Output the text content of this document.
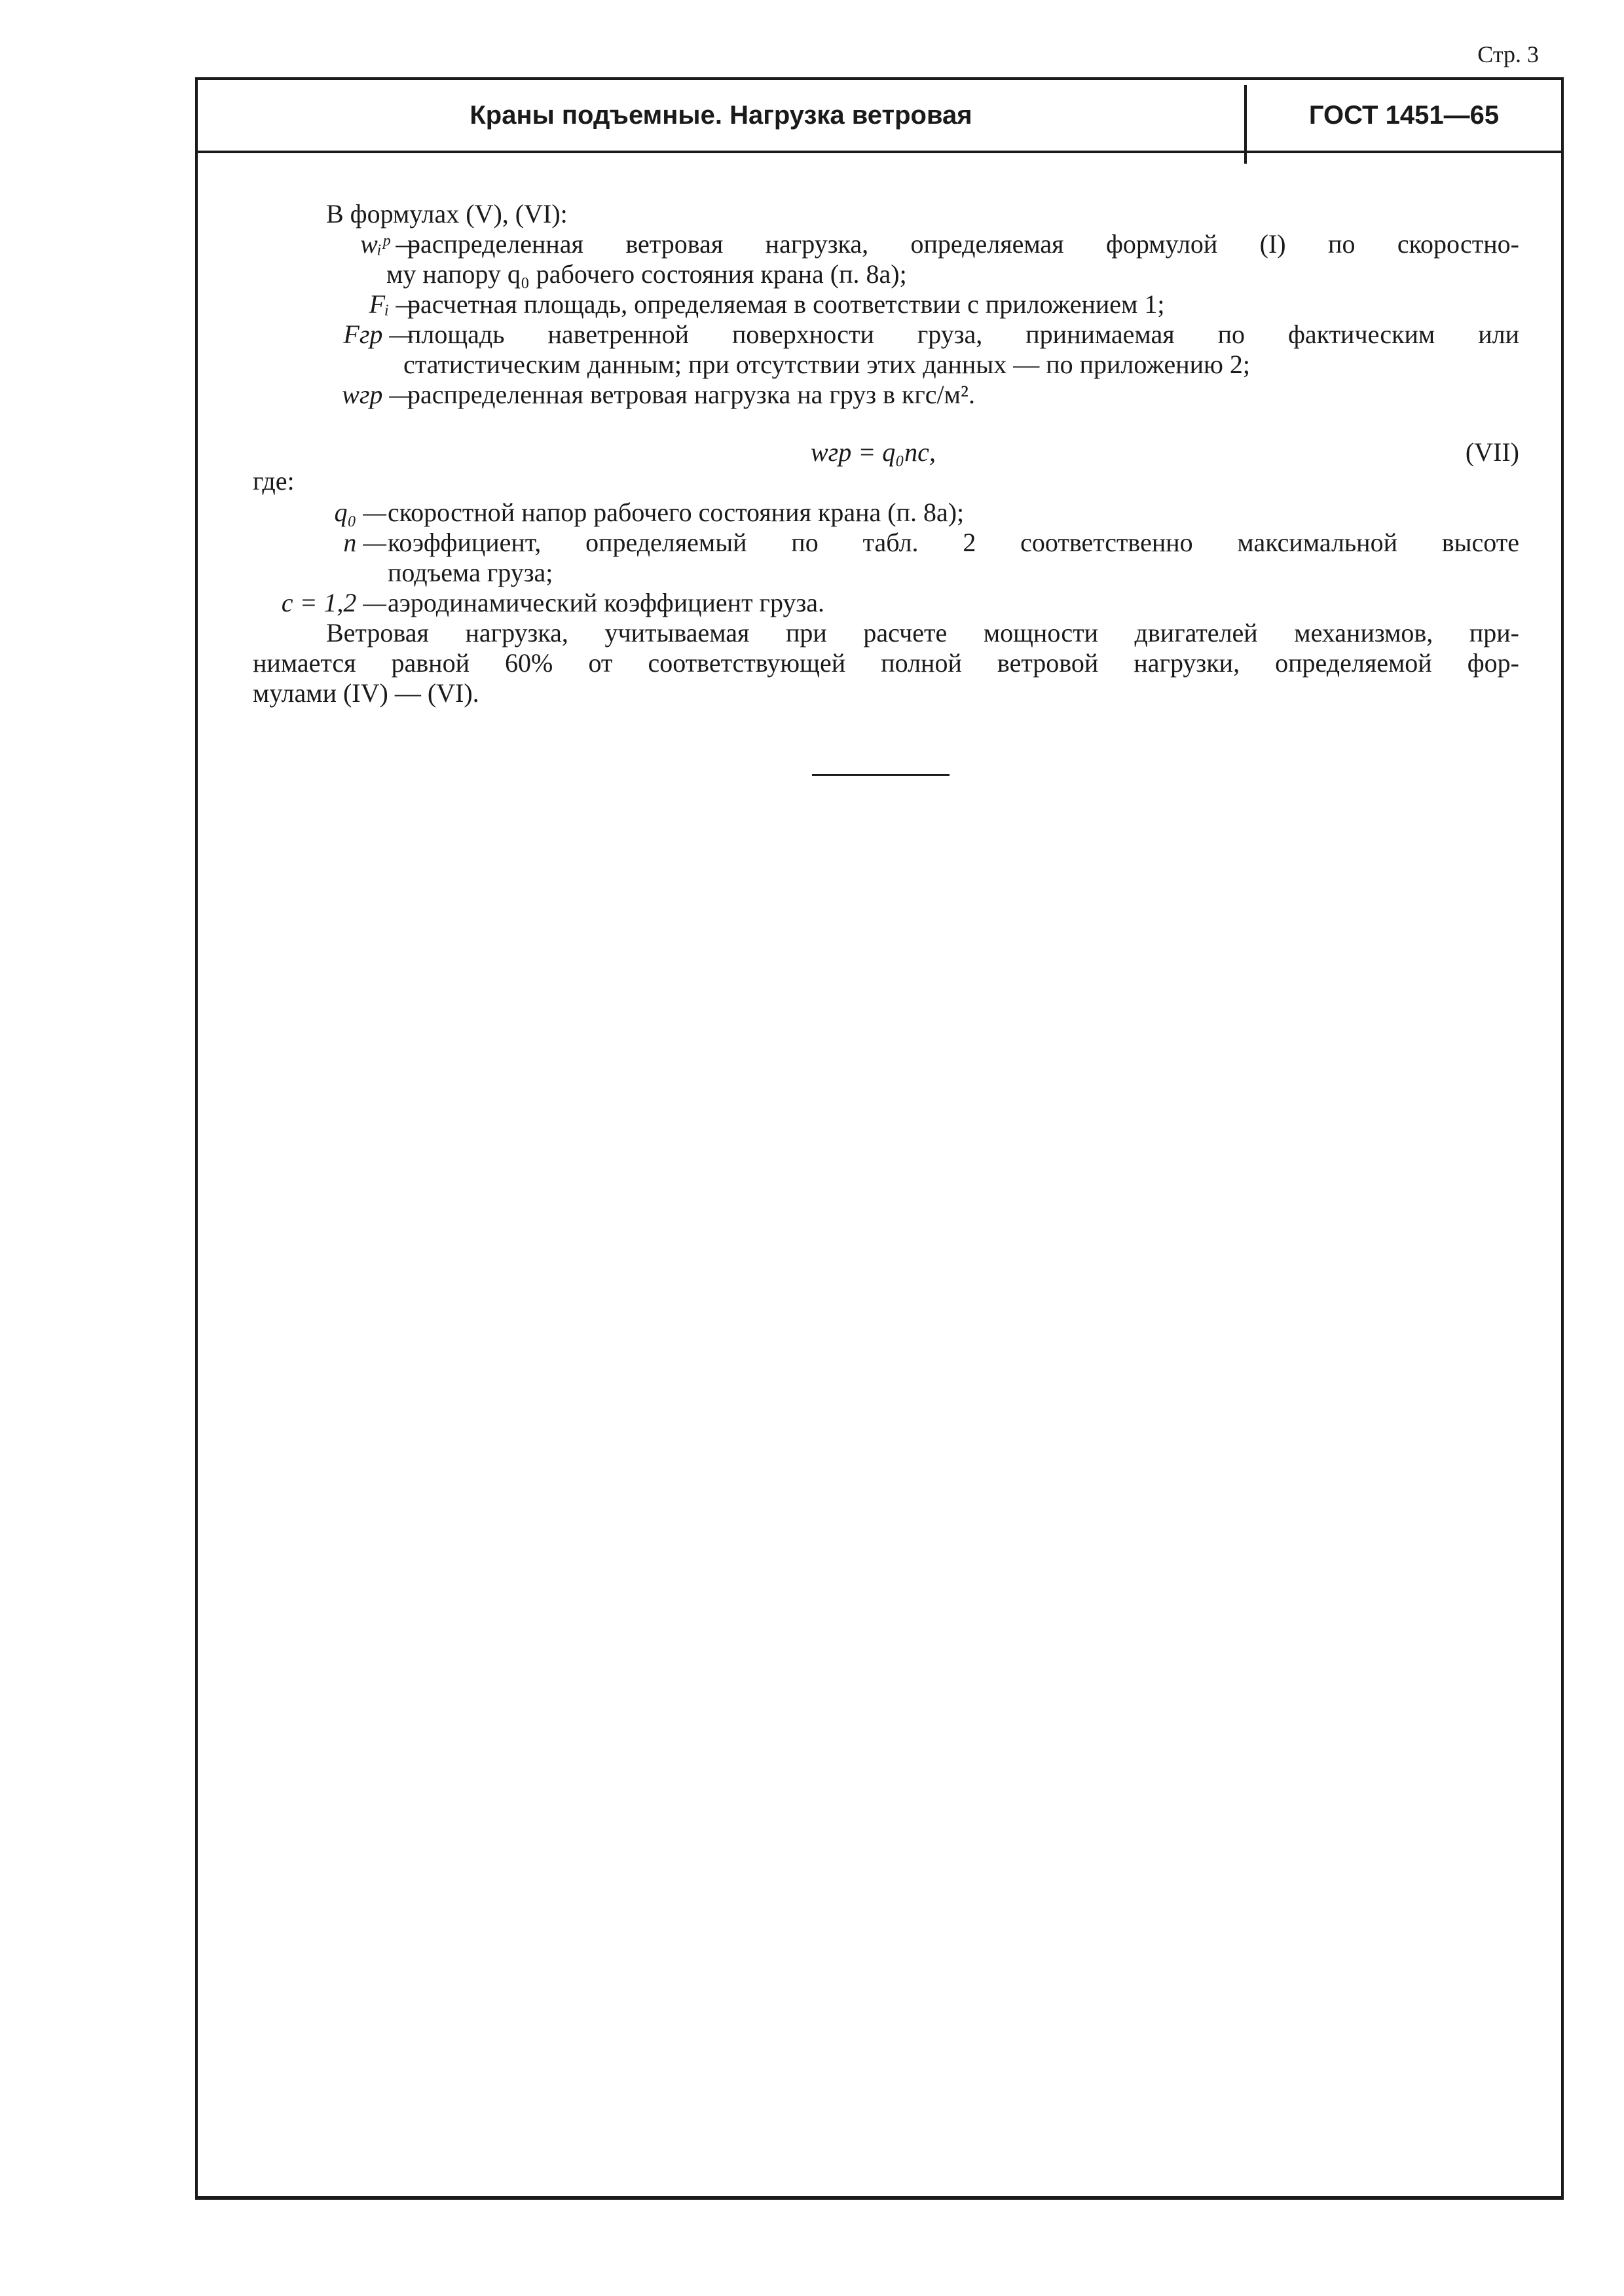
Стр. 3
Краны подъемные. Нагрузка ветровая	ГОСТ 1451—65
В формулах (V), (VI):
wᵢᵖ —
распределенная ветровая нагрузка, определяемая формулой (I) по скоростно-
му напору q₀ рабочего состояния крана (п. 8а);
Fᵢ —
расчетная площадь, определяемая в соответствии с приложением 1;
Fгр —
площадь наветренной поверхности груза, принимаемая по фактическим или
статистическим данным; при отсутствии этих данных — по приложению 2;
wгр —
распределенная ветровая нагрузка на груз в кгс/м².
wгр = q₀nc,	(VII)
где:
q₀ — скоростной напор рабочего состояния крана (п. 8а);
n — коэффициент, определяемый по табл. 2 соответственно максимальной высоте
подъема груза;
c = 1,2 — аэродинамический коэффициент груза.
Ветровая нагрузка, учитываемая при расчете мощности двигателей механизмов, при-
нимается равной 60% от соответствующей полной ветровой нагрузки, определяемой фор-
мулами (IV) — (VI).
